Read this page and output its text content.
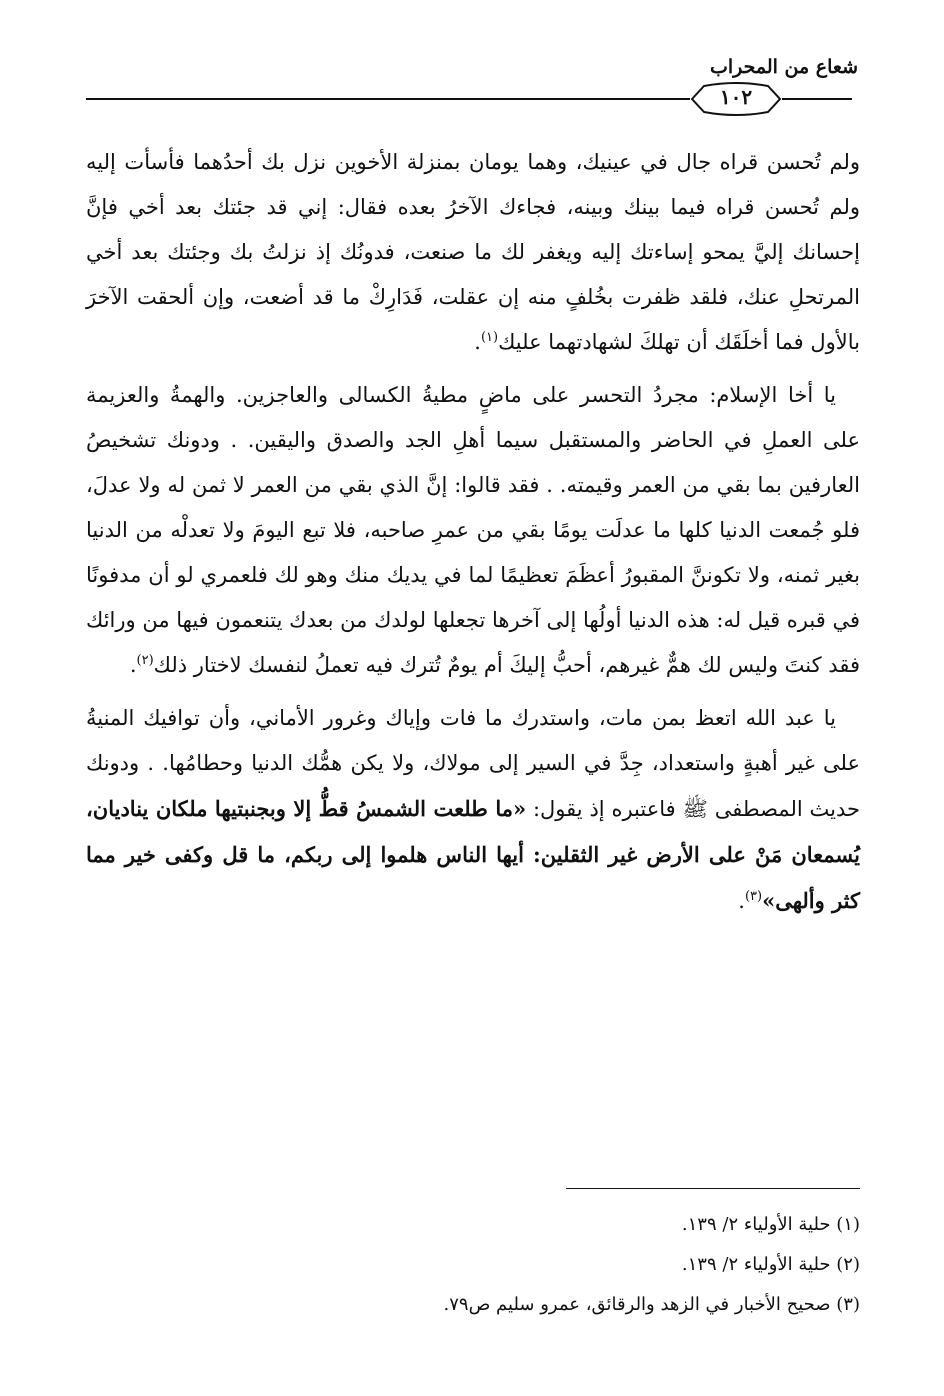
شعاع من المحراب
١٠٢

ولم تُحسن قراه جال في عينيك، وهما يومان بمنزلة الأخوين نزل بك أحدُهما فأسأت إليه ولم تُحسن قراه فيما بينك وبينه، فجاءك الآخرُ بعده فقال: إني قد جئتك بعد أخي فإنَّ إحسانك إليَّ يمحو إساءتك إليه ويغفر لك ما صنعت، فدونُك إذ نزلتُ بك وجئتك بعد أخي المرتحلِ عنك، فلقد ظفرت بخُلفٍ منه إن عقلت، فَدَارِكْ ما قد أضعت، وإن ألحقت الآخرَ بالأول فما أخلَقَك أن تهلكَ لشهادتهما عليك$^{(١)}$.

يا أخا الإسلام: مجردُ التحسر على ماضٍ مطيةُ الكسالى والعاجزين. والهمةُ والعزيمة على العملِ في الحاضر والمستقبل سيما أهلِ الجد والصدق واليقين. . ودونك تشخيصُ العارفين بما بقي من العمر وقيمته. . فقد قالوا: إنَّ الذي بقي من العمر لا ثمن له ولا عدلَ، فلو جُمعت الدنيا كلها ما عدلَت يومًا بقي من عمرِ صاحبه، فلا تبع اليومَ ولا تعدلْه من الدنيا بغير ثمنه، ولا تكوننَّ المقبورُ أعظَمَ تعظيمًا لما في يديك منك وهو لك فلعمري لو أن مدفونًا في قبره قيل له: هذه الدنيا أولُها إلى آخرها تجعلها لولدك من بعدك يتنعمون فيها من ورائك فقد كنتَ وليس لك همٌّ غيرهم، أحبُّ إليكَ أم يومٌ تُترك فيه تعملُ لنفسك لاختار ذلك$^{(٢)}$.

يا عبد الله اتعظ بمن مات، واستدرك ما فات وإياك وغرور الأماني، وأن توافيك المنيةُ على غير أهبةٍ واستعداد، جِدَّ في السير إلى مولاك، ولا يكن همُّك الدنيا وحطامُها. . ودونك حديث المصطفى ﷺ فاعتبره إذ يقول: «ما طلعت الشمسُ قطُّ إلا وبجنبتيها ملكان يناديان، يُسمعان مَنْ على الأرض غير الثقلين: أيها الناس هلموا إلى ربكم، ما قل وكفى خير مما كثر وألهى»$^{(٣)}$.

(١) حلية الأولياء ٢/ ١٣٩.

(٢) حلية الأولياء ٢/ ١٣٩.

(٣) صحيح الأخبار في الزهد والرقائق، عمرو سليم ص٧٩.
